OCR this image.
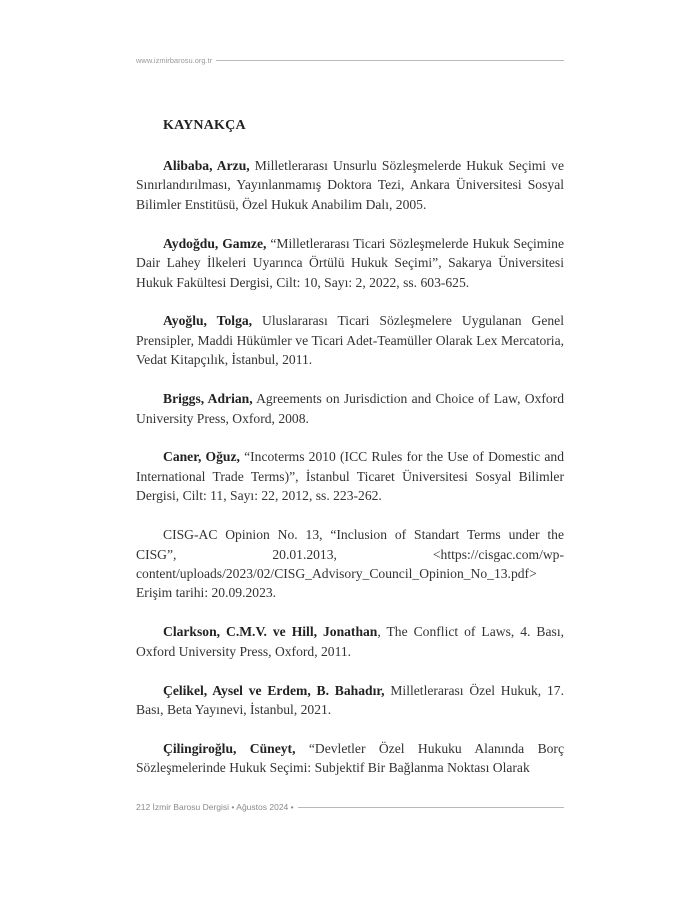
www.izmirbarosu.org.tr
KAYNAKÇA

Alibaba, Arzu, Milletlerarası Unsurlu Sözleşmelerde Hukuk Seçimi ve Sınırlandırılması, Yayınlanmamış Doktora Tezi, Ankara Üniversitesi Sosyal Bilimler Enstitüsü, Özel Hukuk Anabilim Dalı, 2005.

Aydoğdu, Gamze, “Milletlerarası Ticari Sözleşmelerde Hukuk Seçimine Dair Lahey İlkeleri Uyarınca Örtülü Hukuk Seçimi”, Sakarya Üniversitesi Hukuk Fakültesi Dergisi, Cilt: 10, Sayı: 2, 2022, ss. 603-625.

Ayoğlu, Tolga, Uluslararası Ticari Sözleşmelere Uygulanan Genel Prensipler, Maddi Hükümler ve Ticari Adet-Teamüller Olarak Lex Mercatoria, Vedat Kitapçılık, İstanbul, 2011.

Briggs, Adrian, Agreements on Jurisdiction and Choice of Law, Oxford University Press, Oxford, 2008.

Caner, Oğuz, “Incoterms 2010 (ICC Rules for the Use of Domestic and International Trade Terms)”, İstanbul Ticaret Üniversitesi Sosyal Bilimler Dergisi, Cilt: 11, Sayı: 22, 2012, ss. 223-262.

CISG-AC Opinion No. 13, “Inclusion of Standart Terms under the CISG”, 20.01.2013, <https://cisgac.com/wp-content/uploads/2023/02/CISG_Advisory_Council_Opinion_No_13.pdf> Erişim tarihi: 20.09.2023.

Clarkson, C.M.V. ve Hill, Jonathan, The Conflict of Laws, 4. Bası, Oxford University Press, Oxford, 2011.

Çelikel, Aysel ve Erdem, B. Bahadır, Milletlerarası Özel Hukuk, 17. Bası, Beta Yayınevi, İstanbul, 2021.

Çilingiroğlu, Cüneyt, “Devletler Özel Hukuku Alanında Borç Sözleşmelerinde Hukuk Seçimi: Subjektif Bir Bağlanma Noktası Olarak

212 İzmir Barosu Dergisi • Ağustos 2024 •
